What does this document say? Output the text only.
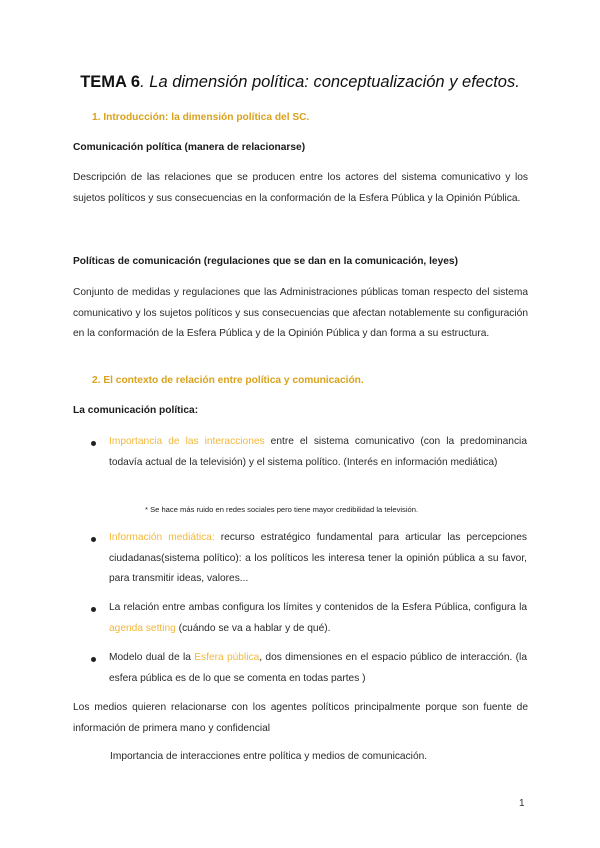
TEMA 6. La dimensión política: conceptualización y efectos.
1. Introducción: la dimensión política del SC.
Comunicación política (manera de relacionarse)
Descripción de las relaciones que se producen entre los actores del sistema comunicativo y los sujetos políticos y sus consecuencias en la conformación de la Esfera Pública y la Opinión Pública.
Políticas de comunicación (regulaciones que se dan en la comunicación, leyes)
Conjunto de medidas y regulaciones que las Administraciones públicas toman respecto del sistema comunicativo y los sujetos políticos y sus consecuencias que afectan notablemente su configuración en la conformación de la Esfera Pública y de la Opinión Pública y dan forma a su estructura.
2. El contexto de relación entre política y comunicación.
La comunicación política:
Importancia de las interacciones entre el sistema comunicativo (con la predominancia todavía actual de la televisión) y el sistema político. (Interés en información mediática)
* Se hace más ruido en redes sociales pero tiene mayor credibilidad la televisión.
Información mediática: recurso estratégico fundamental para articular las percepciones ciudadanas(sistema político): a los políticos les interesa tener la opinión pública a su favor, para transmitir ideas, valores...
La relación entre ambas configura los límites y contenidos de la Esfera Pública, configura la agenda setting (cuándo se va a hablar y de qué).
Modelo dual de la Esfera pública, dos dimensiones en el espacio público de interacción. (la esfera pública es de lo que se comenta en todas partes )
Los medios quieren relacionarse con los agentes políticos principalmente porque son fuente de información de primera mano y confidencial
Importancia de interacciones entre política y medios de comunicación.
1
